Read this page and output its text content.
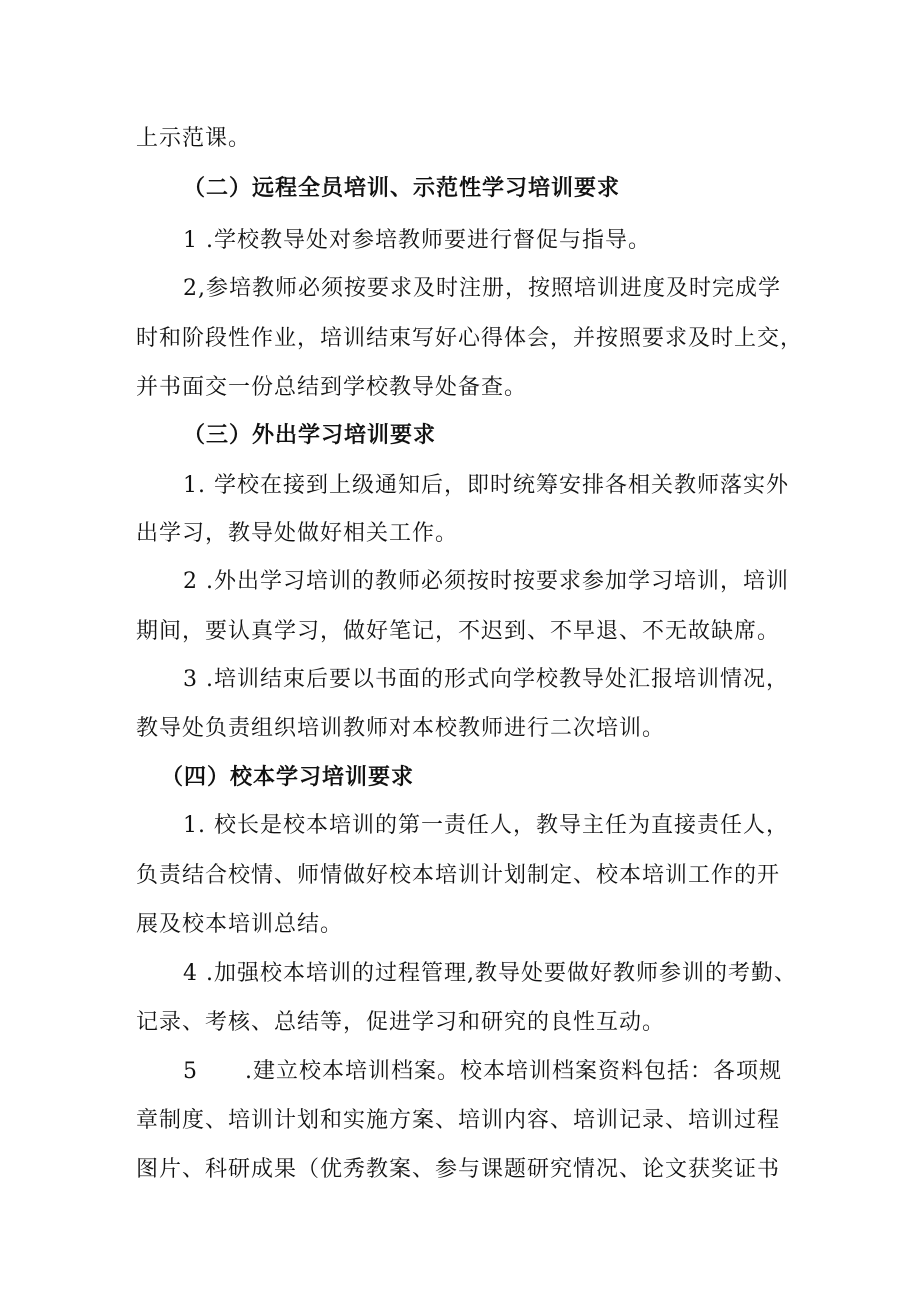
上示范课。
（二）远程全员培训、示范性学习培训要求
1 .学校教导处对参培教师要进行督促与指导。
2,参培教师必须按要求及时注册，按照培训进度及时完成学
时和阶段性作业，培训结束写好心得体会，并按照要求及时上交，
并书面交一份总结到学校教导处备查。
（三）外出学习培训要求
1. 学校在接到上级通知后，即时统筹安排各相关教师落实外
出学习，教导处做好相关工作。
2 .外出学习培训的教师必须按时按要求参加学习培训，培训
期间，要认真学习，做好笔记，不迟到、不早退、不无故缺席。
3 .培训结束后要以书面的形式向学校教导处汇报培训情况，
教导处负责组织培训教师对本校教师进行二次培训。
（四）校本学习培训要求
1. 校长是校本培训的第一责任人，教导主任为直接责任人，
负责结合校情、师情做好校本培训计划制定、校本培训工作的开
展及校本培训总结。
4 .加强校本培训的过程管理,教导处要做好教师参训的考勤、
记录、考核、总结等，促进学习和研究的良性互动。
5 .建立校本培训档案。校本培训档案资料包括：各项规
章制度、培训计划和实施方案、培训内容、培训记录、培训过程
图片、科研成果（优秀教案、参与课题研究情况、论文获奖证书
